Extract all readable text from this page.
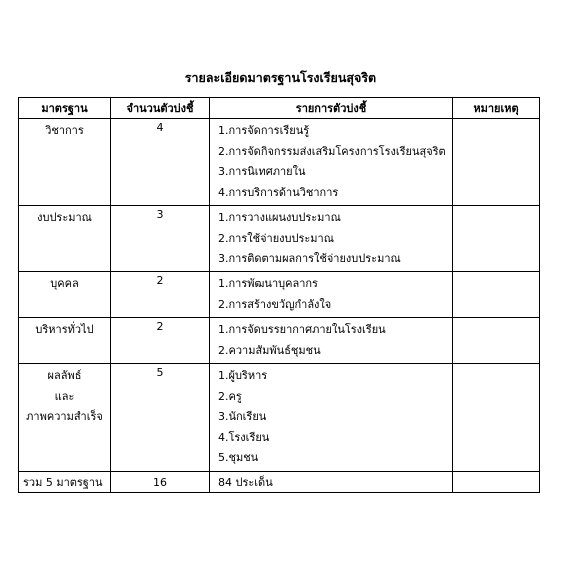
รายละเอียดมาตรฐานโรงเรียนสุจริต
มาตรฐาน	จำนวนตัวบ่งชี้	รายการตัวบ่งชี้	หมายเหตุ

วิชาการ	4	1.การจัดการเรียนรู้
2.การจัดกิจกรรมส่งเสริมโครงการโรงเรียนสุจริต
3.การนิเทศภายใน
4.การบริการด้านวิชาการ	

งบประมาณ	3	1.การวางแผนงบประมาณ
2.การใช้จ่ายงบประมาณ
3.การติดตามผลการใช้จ่ายงบประมาณ	

บุคคล	2	1.การพัฒนาบุคลากร
2.การสร้างขวัญกำลังใจ	

บริหารทั่วไป	2	1.การจัดบรรยากาศภายในโรงเรียน
2.ความสัมพันธ์ชุมชน	

ผลลัพธ์
และ
ภาพความสำเร็จ	5	1.ผู้บริหาร
2.ครู
3.นักเรียน
4.โรงเรียน
5.ชุมชน	

รวม 5 มาตรฐาน	16	84 ประเด็น	
